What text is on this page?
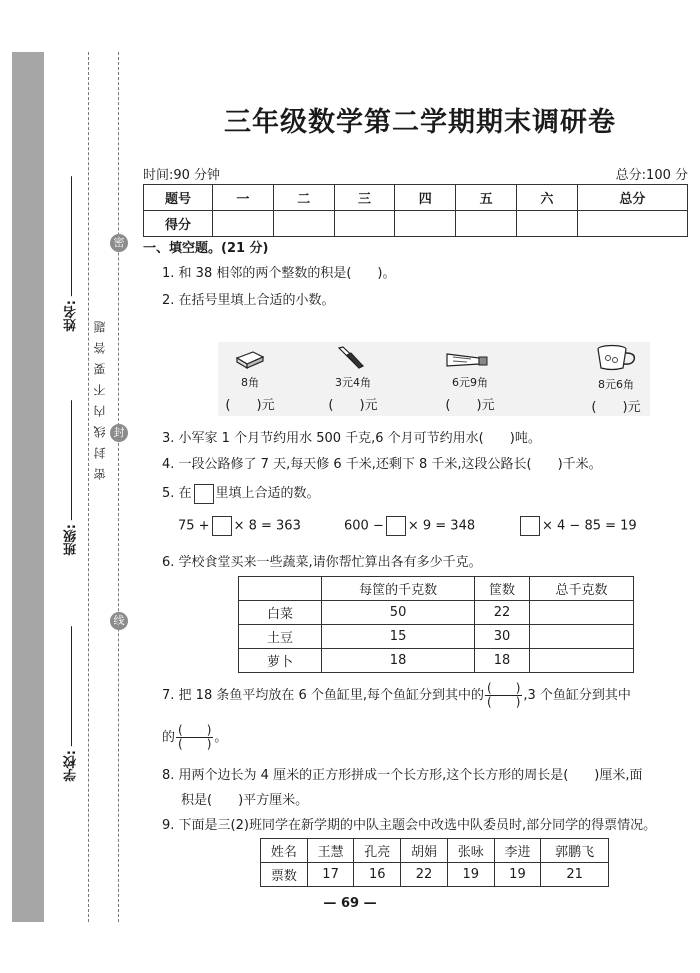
姓名:
班级:
学校:
密封线内不要答题
密
封
线
三年级数学第二学期期末调研卷
时间:90 分钟	总分:100 分
题号	一	二	三	四	五	六	总分
得分							
一、填空题。(21 分)
1. 和 38 相邻的两个整数的积是(　　)。
2. 在括号里填上合适的小数。
8角
(　　)元
3元4角
(　　)元
6元9角
(　　)元
8元6角
(　　)元
3. 小军家 1 个月节约用水 500 千克,6 个月可节约用水(　　)吨。
4. 一段公路修了 7 天,每天修 6 千米,还剩下 8 千米,这段公路长(　　)千米。
5. 在 里填上合适的数。
75 + × 8 = 363	600 − × 9 = 348	× 4 − 85 = 19
6. 学校食堂买来一些蔬菜,请你帮忙算出各有多少千克。
	每筐的千克数	筐数	总千克数
白菜	50	22	
土豆	15	30	
萝卜	18	18	
7. 把 18 条鱼平均放在 6 个鱼缸里,每个鱼缸分到其中的 $\frac{( )}{( )} ,3$ 个鱼缸分到其中
的 $\frac{( )}{( )}$ 。
8. 用两个边长为 4 厘米的正方形拼成一个长方形,这个长方形的周长是(　　)厘米,面
积是(　　)平方厘米。
9. 下面是三(2)班同学在新学期的中队主题会中改选中队委员时,部分同学的得票情况。
姓名	王慧	孔亮	胡娟	张咏	李进	郭鹏飞
票数	17	16	22	19	19	21
— 69 —
